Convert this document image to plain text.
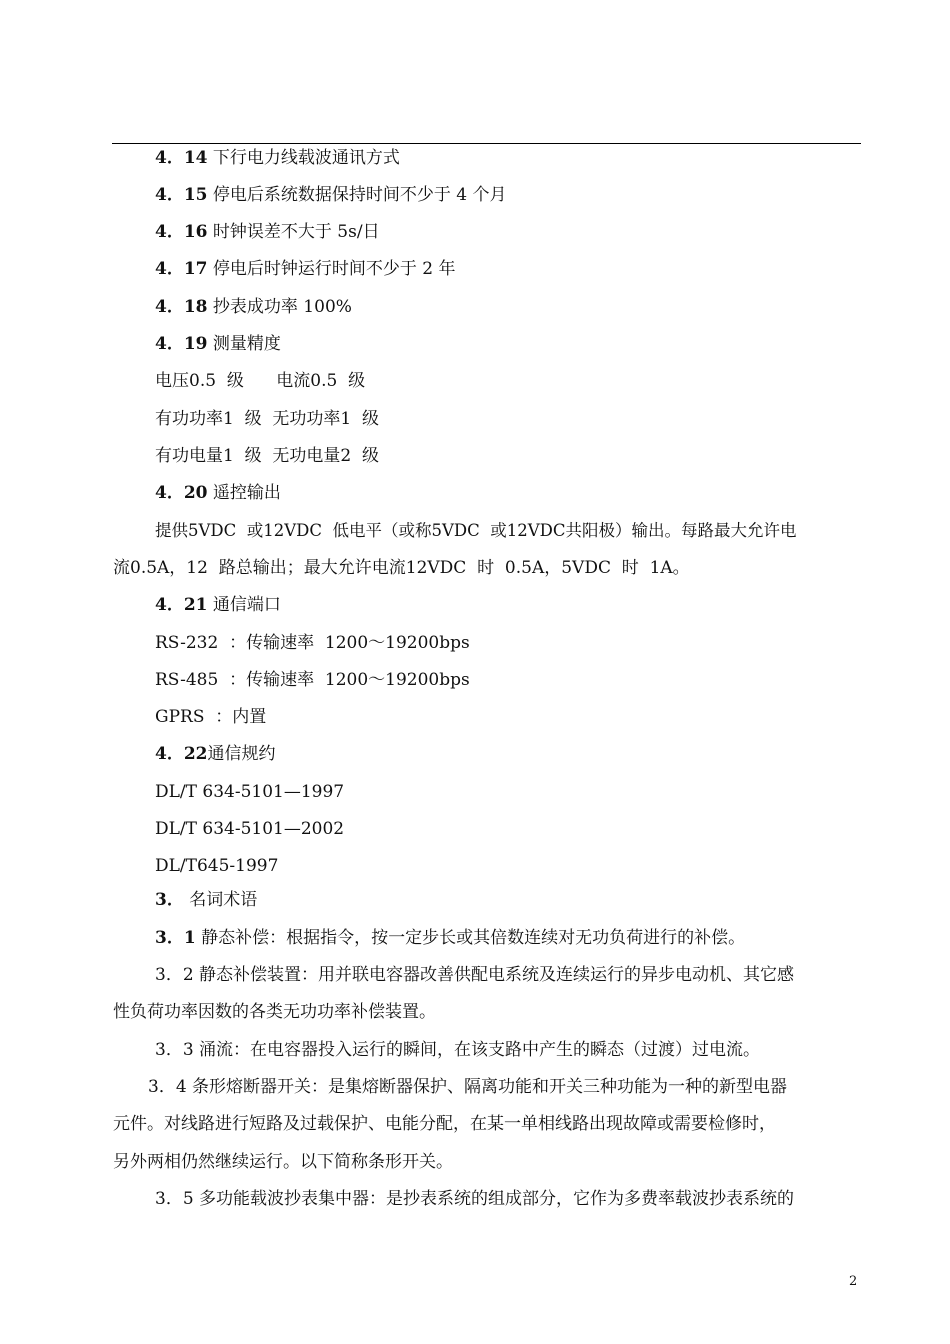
4．14 下行电力线载波通讯方式
4．15 停电后系统数据保持时间不少于 4 个月
4．16 时钟误差不大于 5s/日
4．17 停电后时钟运行时间不少于 2 年
4．18 抄表成功率 100%
4．19 测量精度
电压0.5  级      电流0.5  级
有功功率1  级  无功功率1  级
有功电量1  级  无功电量2  级
4．20 遥控输出
提供5VDC  或12VDC  低电平（或称5VDC  或12VDC共阳极）输出。每路最大允许电
流0.5A，12  路总输出；最大允许电流12VDC  时  0.5A，5VDC  时  1A。
4．21 通信端口
RS-232  ：传输速率  1200～19200bps
RS-485  ：传输速率  1200～19200bps
GPRS  ：内置
4．22通信规约
DL/T 634-5101—1997
DL/T 634-5101—2002
DL/T645-1997
3． 名词术语
3．1 静态补偿：根据指令，按一定步长或其倍数连续对无功负荷进行的补偿。
3．2 静态补偿装置：用并联电容器改善供配电系统及连续运行的异步电动机、其它感
性负荷功率因数的各类无功功率补偿装置。
3．3 涌流：在电容器投入运行的瞬间，在该支路中产生的瞬态（过渡）过电流。
3．4 条形熔断器开关：是集熔断器保护、隔离功能和开关三种功能为一种的新型电器
元件。对线路进行短路及过载保护、电能分配，在某一单相线路出现故障或需要检修时，
另外两相仍然继续运行。以下简称条形开关。
3．5 多功能载波抄表集中器：是抄表系统的组成部分，它作为多费率载波抄表系统的
2
